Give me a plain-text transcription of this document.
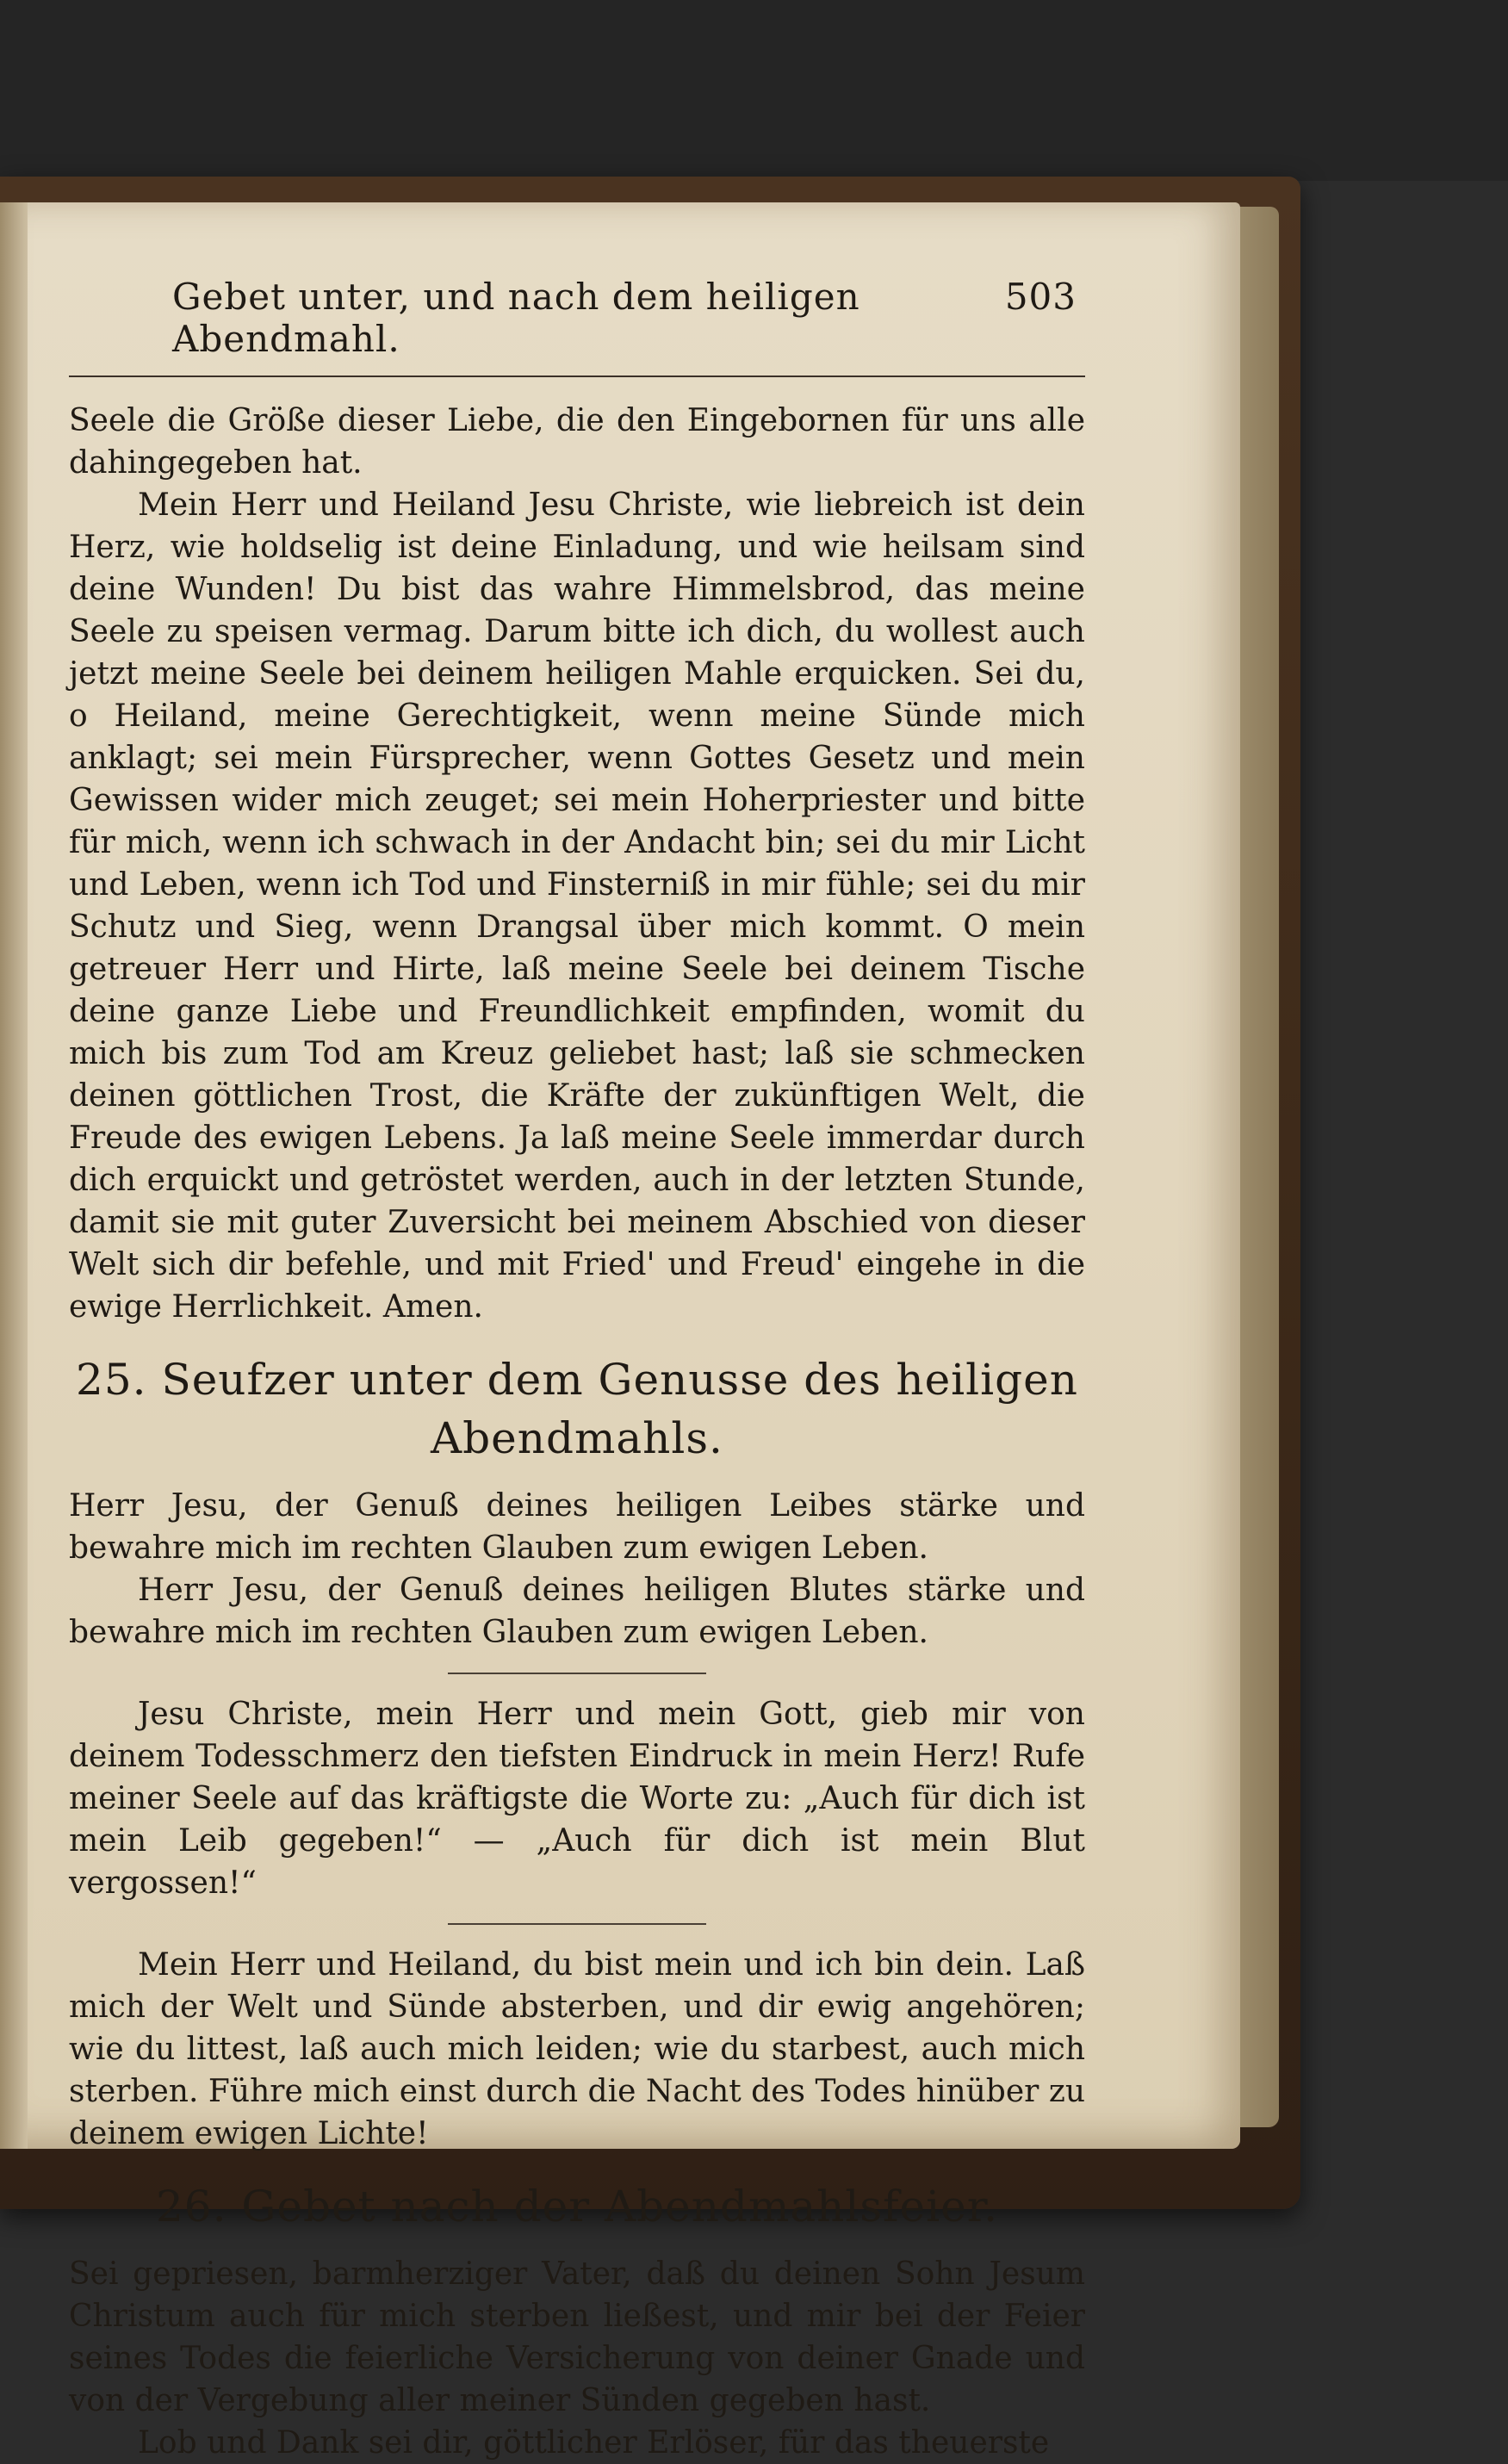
Gebet unter, und nach dem heiligen Abendmahl.
503

Seele die Größe dieser Liebe, die den Eingebornen für uns alle dahingegeben hat.

Mein Herr und Heiland Jesu Christe, wie liebreich ist dein Herz, wie holdselig ist deine Einladung, und wie heilsam sind deine Wunden! Du bist das wahre Himmelsbrod, das meine Seele zu speisen vermag. Darum bitte ich dich, du wollest auch jetzt meine Seele bei deinem heiligen Mahle erquicken. Sei du, o Heiland, meine Gerechtigkeit, wenn meine Sünde mich anklagt; sei mein Fürsprecher, wenn Gottes Gesetz und mein Gewissen wider mich zeuget; sei mein Hoherpriester und bitte für mich, wenn ich schwach in der Andacht bin; sei du mir Licht und Leben, wenn ich Tod und Finsterniß in mir fühle; sei du mir Schutz und Sieg, wenn Drangsal über mich kommt. O mein getreuer Herr und Hirte, laß meine Seele bei deinem Tische deine ganze Liebe und Freundlichkeit empfinden, womit du mich bis zum Tod am Kreuz geliebet hast; laß sie schmecken deinen göttlichen Trost, die Kräfte der zukünftigen Welt, die Freude des ewigen Lebens. Ja laß meine Seele immerdar durch dich erquickt und getröstet werden, auch in der letzten Stunde, damit sie mit guter Zuversicht bei meinem Abschied von dieser Welt sich dir befehle, und mit Fried' und Freud' eingehe in die ewige Herrlichkeit. Amen.

25. Seufzer unter dem Genusse des heiligen
Abendmahls.

Herr Jesu, der Genuß deines heiligen Leibes stärke und bewahre mich im rechten Glauben zum ewigen Leben.

Herr Jesu, der Genuß deines heiligen Blutes stärke und bewahre mich im rechten Glauben zum ewigen Leben.

Jesu Christe, mein Herr und mein Gott, gieb mir von deinem Todesschmerz den tiefsten Eindruck in mein Herz! Rufe meiner Seele auf das kräftigste die Worte zu: „Auch für dich ist mein Leib gegeben!“ — „Auch für dich ist mein Blut vergossen!“

Mein Herr und Heiland, du bist mein und ich bin dein. Laß mich der Welt und Sünde absterben, und dir ewig angehören; wie du littest, laß auch mich leiden; wie du starbest, auch mich sterben. Führe mich einst durch die Nacht des Todes hinüber zu deinem ewigen Lichte!

26. Gebet nach der Abendmahlsfeier.

Sei gepriesen, barmherziger Vater, daß du deinen Sohn Jesum Christum auch für mich sterben ließest, und mir bei der Feier seines Todes die feierliche Versicherung von deiner Gnade und von der Vergebung aller meiner Sünden gegeben hast.

Lob und Dank sei dir, göttlicher Erlöser, für das theuerste
